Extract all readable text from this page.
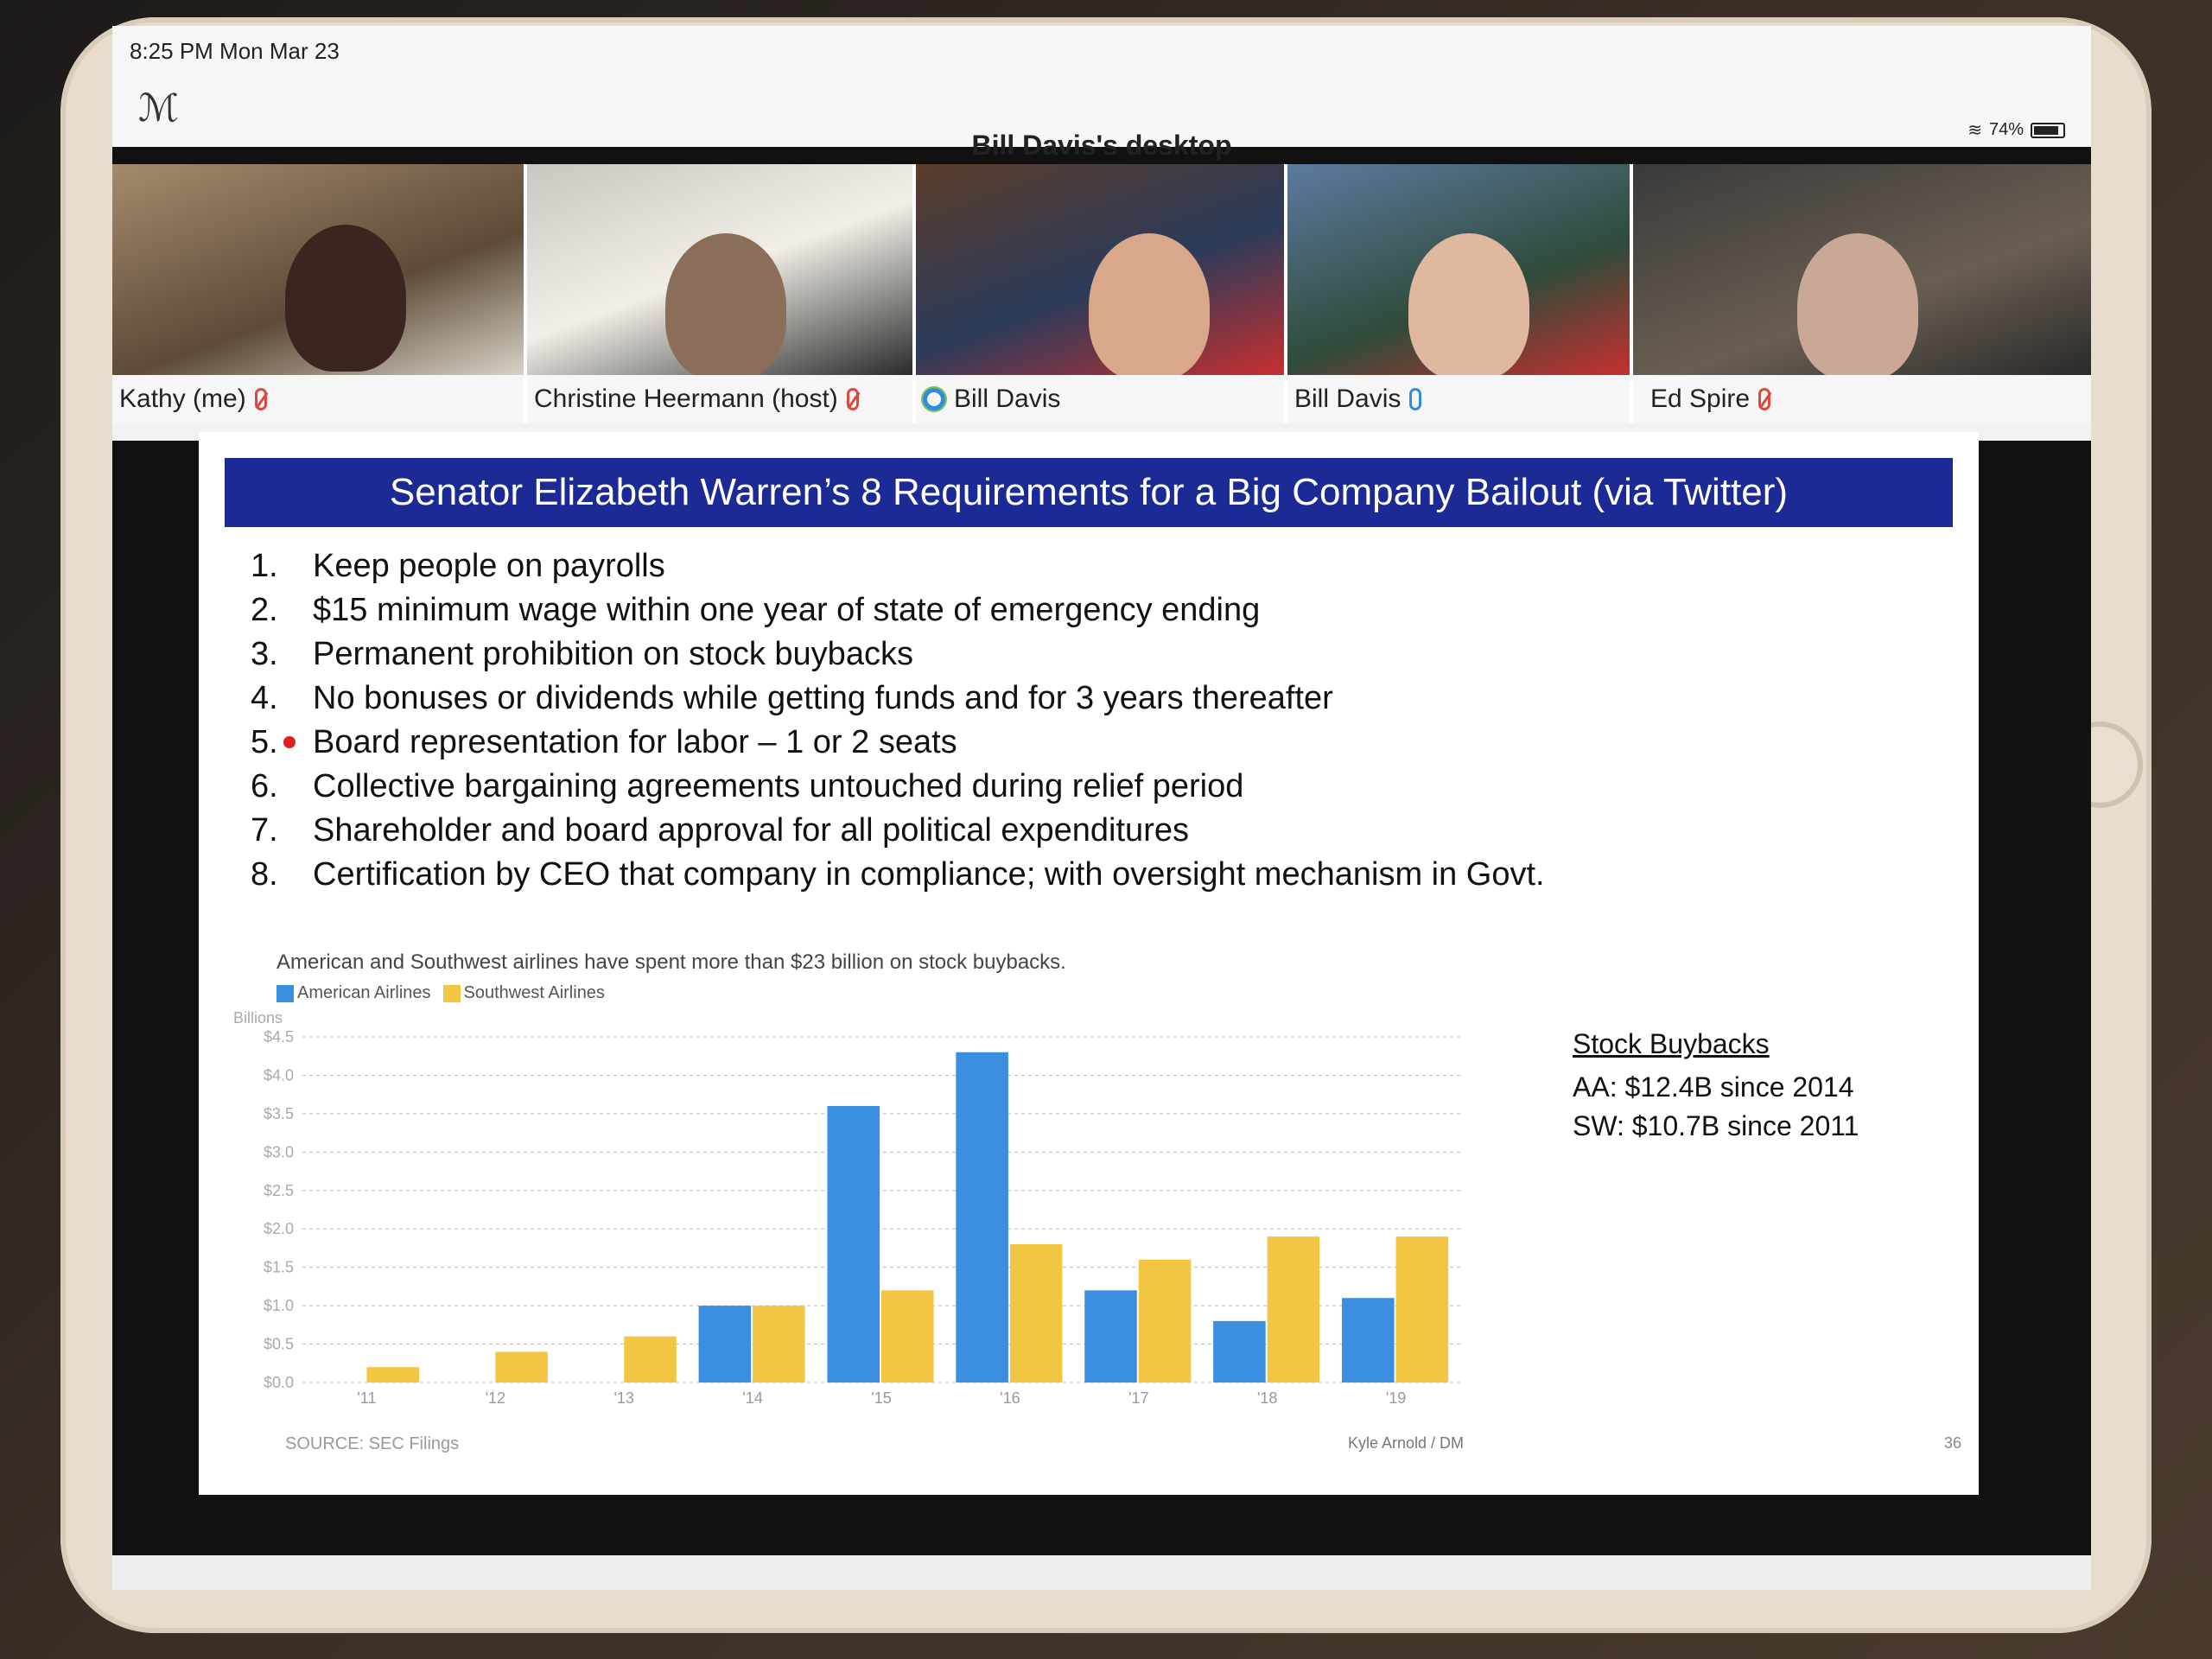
8:25 PM Mon Mar 23
ℳ	≋ 74%
Bill Davis's desktop
Kathy (me)	Christine Heermann (host)	Bill Davis	Bill Davis	Ed Spire
Senator Elizabeth Warren’s 8 Requirements for a Big Company Bailout (via Twitter)
1.	Keep people on payrolls
2.	$15 minimum wage within one year of state of emergency ending
3.	Permanent prohibition on stock buybacks
4.	No bonuses or dividends while getting funds and for 3 years thereafter
5.	Board representation for labor – 1 or 2 seats
6.	Collective bargaining agreements untouched during relief period
7.	Shareholder and board approval for all political expenditures
8.	Certification by CEO that company in compliance; with oversight mechanism in Govt.
American and Southwest airlines have spent more than $23 billion on stock buybacks.
American Airlines	Southwest Airlines
Billions
$0.0
$0.5
$1.0
$1.5
$2.0
$2.5
$3.0
$3.5
$4.0
$4.5
'11	'12	'13	'14	'15	'16	'17	'18	'19
Stock Buybacks
AA: $12.4B since 2014
SW: $10.7B since 2011
SOURCE: SEC Filings	Kyle Arnold / DM	36
